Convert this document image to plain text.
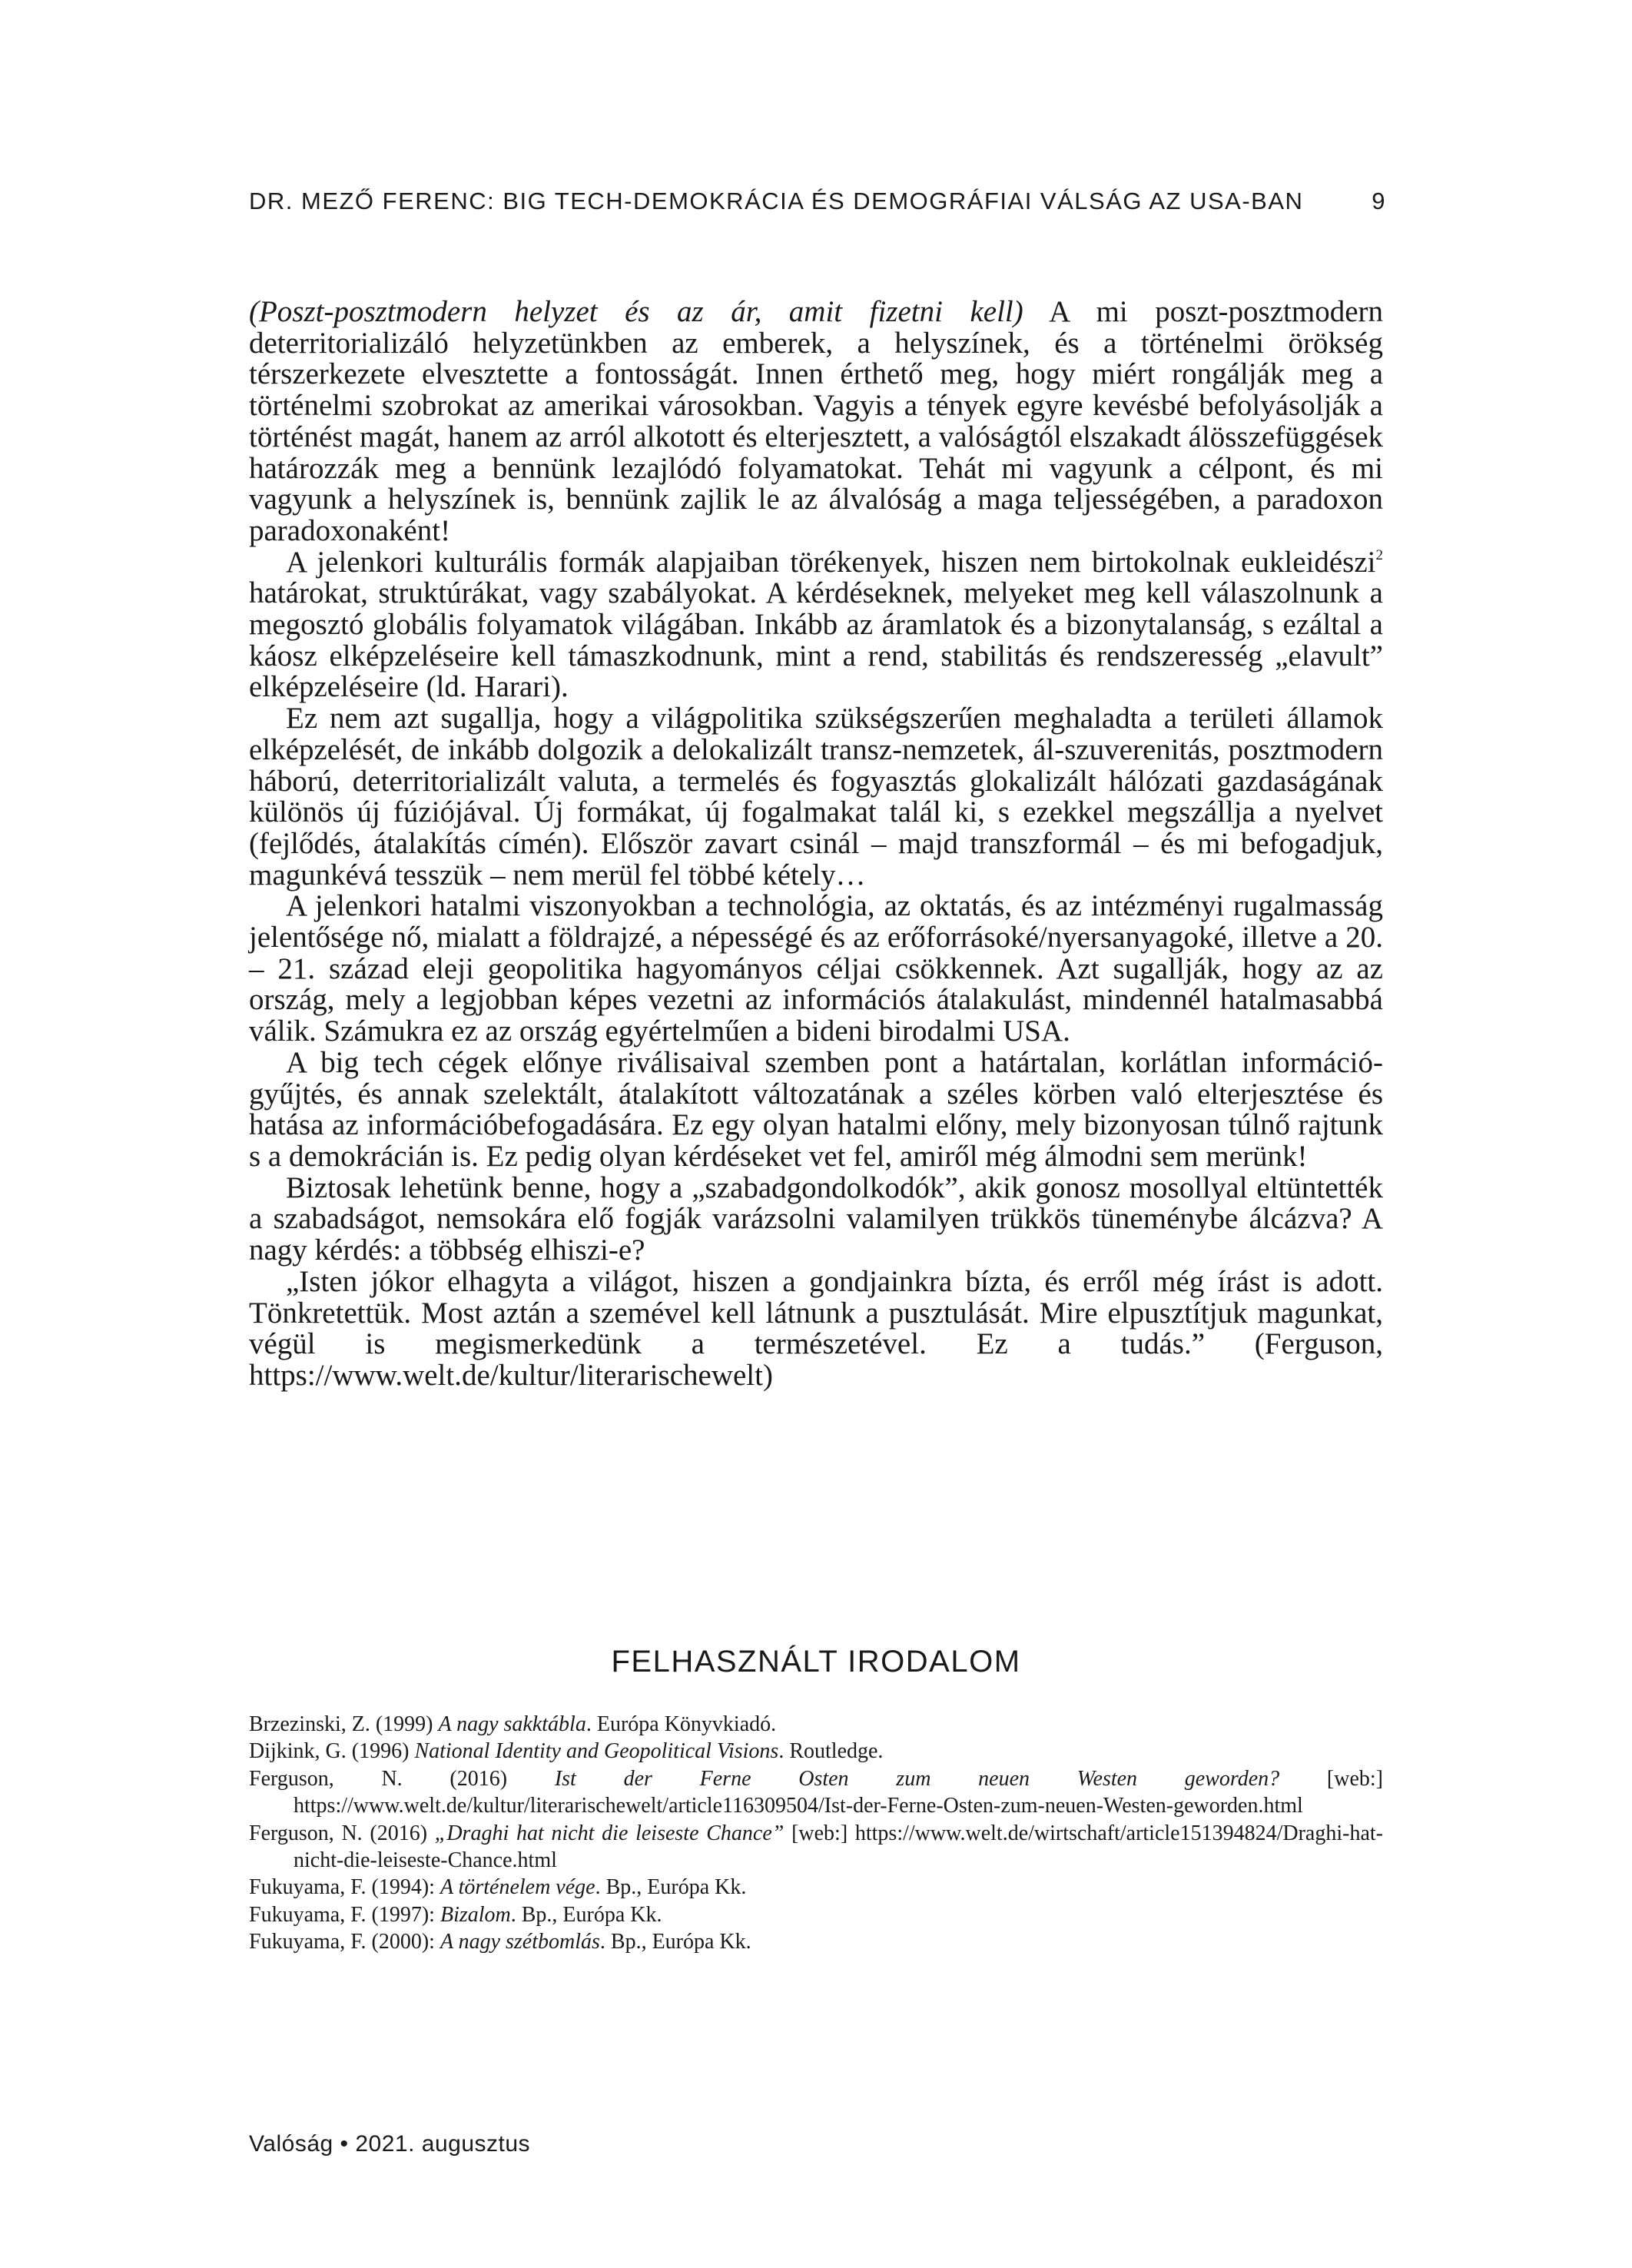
DR. MEZŐ FERENC: BIG TECH-DEMOKRÁCIA ÉS DEMOGRÁFIAI VÁLSÁG AZ USA-BAN	9

(Poszt-posztmodern helyzet és az ár, amit fizetni kell) A mi poszt-posztmodern deterritorializáló helyzetünkben az emberek, a helyszínek, és a történelmi örökség térszerkezete elvesztette a fontosságát. Innen érthető meg, hogy miért rongálják meg a történelmi szobrokat az amerikai városokban. Vagyis a tények egyre kevésbé befolyásolják a történést magát, hanem az arról alkotott és elterjesztett, a valóságtól elszakadt álösszefüggések határozzák meg a bennünk lezajlódó folyamatokat. Tehát mi vagyunk a célpont, és mi vagyunk a helyszínek is, bennünk zajlik le az álvalóság a maga teljességében, a paradoxon paradoxonaként!

A jelenkori kulturális formák alapjaiban törékenyek, hiszen nem birtokolnak eukleidészi$^2$ határokat, struktúrákat, vagy szabályokat. A kérdéseknek, melyeket meg kell válaszolnunk a megosztó globális folyamatok világában. Inkább az áramlatok és a bizonytalanság, s ezáltal a káosz elképzeléseire kell támaszkodnunk, mint a rend, stabilitás és rendszeresség „elavult” elképzeléseire (ld. Harari).

Ez nem azt sugallja, hogy a világpolitika szükségszerűen meghaladta a területi államok elképzelését, de inkább dolgozik a delokalizált transz-nemzetek, ál-szuverenitás, posztmodern háború, deterritorializált valuta, a termelés és fogyasztás glokalizált hálózati gazdaságának különös új fúziójával. Új formákat, új fogalmakat talál ki, s ezekkel megszállja a nyelvet (fejlődés, átalakítás címén). Először zavart csinál – majd transzformál – és mi befogadjuk, magunkévá tesszük – nem merül fel többé kétely…

A jelenkori hatalmi viszonyokban a technológia, az oktatás, és az intézményi rugalmasság jelentősége nő, mialatt a földrajzé, a népességé és az erőforrásoké/nyersanyagoké, illetve a 20. – 21. század eleji geopolitika hagyományos céljai csökkennek. Azt sugallják, hogy az az ország, mely a legjobban képes vezetni az információs átalakulást, mindennél hatalmasabbá válik. Számukra ez az ország egyértelműen a bideni birodalmi USA.

A big tech cégek előnye riválisaival szemben pont a határtalan, korlátlan információgyűjtés, és annak szelektált, átalakított változatának a széles körben való elterjesztése és hatása az információbefogadására. Ez egy olyan hatalmi előny, mely bizonyosan túlnő rajtunk s a demokrácián is. Ez pedig olyan kérdéseket vet fel, amiről még álmodni sem merünk!

Biztosak lehetünk benne, hogy a „szabadgondolkodók”, akik gonosz mosollyal eltüntették a szabadságot, nemsokára elő fogják varázsolni valamilyen trükkös tüneménybe álcázva? A nagy kérdés: a többség elhiszi-e?

„Isten jókor elhagyta a világot, hiszen a gondjainkra bízta, és erről még írást is adott. Tönkretettük. Most aztán a szemével kell látnunk a pusztulását. Mire elpusztítjuk magunkat, végül is megismerkedünk a természetével. Ez a tudás.” (Ferguson, https://www.welt.de/kultur/literarischewelt)

FELHASZNÁLT IRODALOM
Brzezinski, Z. (1999) A nagy sakktábla. Európa Könyvkiadó.
Dijkink, G. (1996) National Identity and Geopolitical Visions. Routledge.
Ferguson, N. (2016) Ist der Ferne Osten zum neuen Westen geworden? [web:] https://www.welt.de/kultur/literarischewelt/article116309504/Ist-der-Ferne-Osten-zum-neuen-Westen-geworden.html
Ferguson, N. (2016) „Draghi hat nicht die leiseste Chance” [web:] https://www.welt.de/wirtschaft/article151394824/Draghi-hat-nicht-die-leiseste-Chance.html
Fukuyama, F. (1994): A történelem vége. Bp., Európa Kk.
Fukuyama, F. (1997): Bizalom. Bp., Európa Kk.
Fukuyama, F. (2000): A nagy szétbomlás. Bp., Európa Kk.
Valóság • 2021. augusztus
